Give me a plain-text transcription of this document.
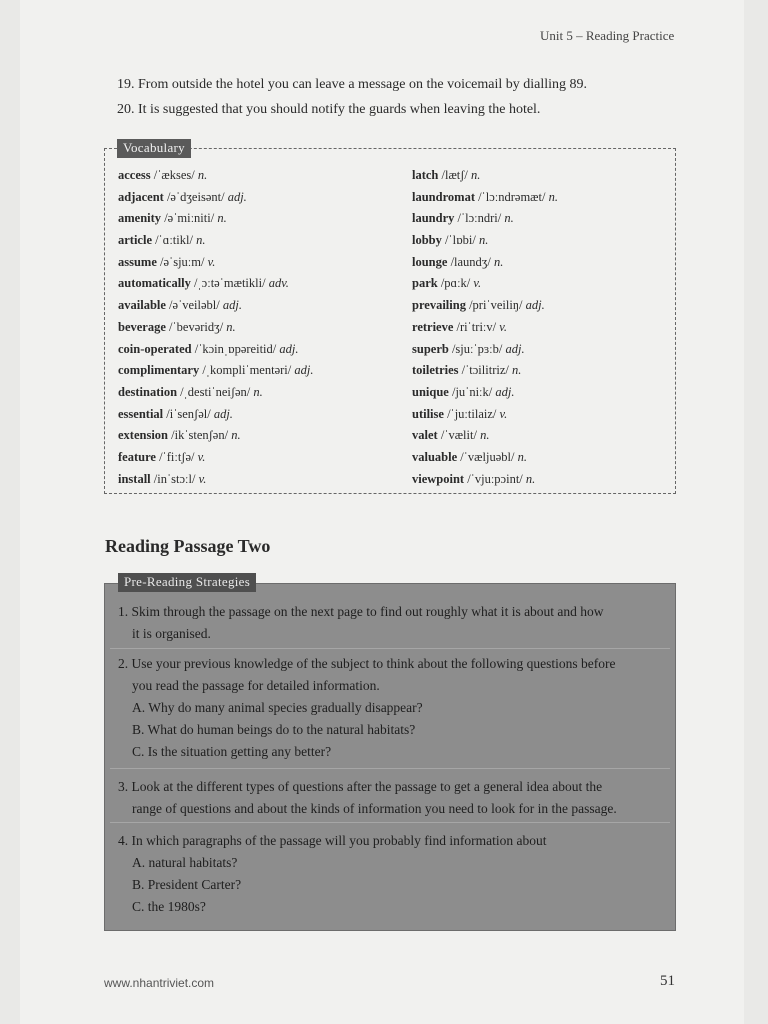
Unit 5 – Reading Practice
19. From outside the hotel you can leave a message on the voicemail by dialling 89.
20. It is suggested that you should notify the guards when leaving the hotel.
Vocabulary
access /ˈækses/ n.
adjacent /əˈdʒeisənt/ adj.
amenity /əˈmiːniti/ n.
article /ˈɑːtikl/ n.
assume /əˈsjuːm/ v.
automatically /ˌɔːtəˈmætikli/ adv.
available /əˈveiləbl/ adj.
beverage /ˈbevəridʒ/ n.
coin-operated /ˈkɔinˌɒpəreitid/ adj.
complimentary /ˌkompliˈmentəri/ adj.
destination /ˌdestiˈneiʃən/ n.
essential /iˈsenʃəl/ adj.
extension /ikˈstenʃən/ n.
feature /ˈfiːtʃə/ v.
install /inˈstɔːl/ v.
latch /lætʃ/ n.
laundromat /ˈlɔːndrəmæt/ n.
laundry /ˈlɔːndri/ n.
lobby /ˈlɒbi/ n.
lounge /laundʒ/ n.
park /pɑːk/ v.
prevailing /priˈveiliŋ/ adj.
retrieve /riˈtriːv/ v.
superb /sjuːˈpɜːb/ adj.
toiletries /ˈtɔilitriz/ n.
unique /juˈniːk/ adj.
utilise /ˈjuːtilaiz/ v.
valet /ˈvælit/ n.
valuable /ˈvæljuəbl/ n.
viewpoint /ˈvjuːpɔint/ n.
Reading Passage Two
Pre-Reading Strategies
1. Skim through the passage on the next page to find out roughly what it is about and how
it is organised.
2. Use your previous knowledge of the subject to think about the following questions before
you read the passage for detailed information.
A. Why do many animal species gradually disappear?
B. What do human beings do to the natural habitats?
C. Is the situation getting any better?
3. Look at the different types of questions after the passage to get a general idea about the
range of questions and about the kinds of information you need to look for in the passage.
4. In which paragraphs of the passage will you probably find information about
A. natural habitats?
B. President Carter?
C. the 1980s?
www.nhantriviet.com	51
